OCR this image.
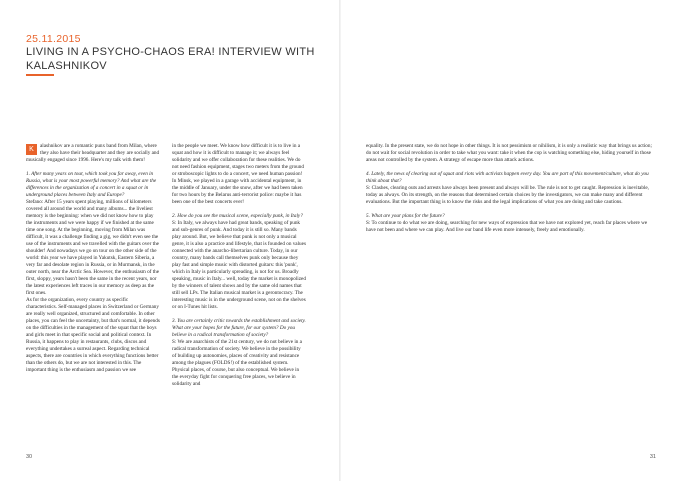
25.11.2015
LIVING IN A PSYCHO-CHAOS ERA! INTERVIEW WITH KALASHNIKOV

K	alashnikov are a romantic punx band from Milan, where they also have their headquarter and they are socially and musically engaged since 1996. Here's my talk with them!

1. After many years on tour, which took you far away, even in Russia, what is your most powerful memory? And what are the differences in the organization of a concert in a squat or in underground places between Italy and Europe?

Stefano: After 15 years spent playing, millions of kilometers covered all around the world and many albums... the liveliest memory is the beginning: when we did not know how to play the instruments and we were happy if we finished at the same time one song. At the beginning, moving from Milan was difficult, it was a challenge finding a gig, we didn't even see the use of the instruments and we travelled with the guitars over the shoulder! And nowadays we go on tour on the other side of the world: this year we have played in Yakutsk, Eastern Siberia, a very far and desolate region in Russia, or in Murmansk, in the outer north, near the Arctic Sea. However, the enthusiasm of the first, sloppy, years hasn't been the same in the recent years, nor the latest experiences left traces in our memory as deep as the first ones.

As for the organization, every country as specific characteristics. Self-managed places in Switzerland or Germany are really well organized, structured and comfortable. In other places, you can feel the uncertainty, but that's normal, it depends on the difficulties in the management of the squat that the boys and girls meet in that specific social and political context. In Russia, it happens to play in restaurants, clubs, discos and everything undertakes a surreal aspect. Regarding technical aspects, there are countries in which everything functions better than the others do, but we are not interested in this. The important thing is the enthusiasm and passion we see

in the people we meet. We know how difficult it is to live in a squat and how it is difficult to manage it; we always feel solidarity and we offer collaboration for these realities. We do not need fashion equipment, stages two meters from the ground or stroboscopic lights to do a concert, we need human passion! In Minsk, we played in a garage with accidental equipment, in the middle of January, under the snow, after we had been taken for two hours by the Belarus anti-terrorist police: maybe it has been one of the best concerts ever!

2. How do you see the musical scene, especially punk, in Italy?

S: In Italy, we always have had great bands, speaking of punk and sub-genres of punk. And today it is still so. Many bands play around. But, we believe that punk is not only a musical genre, it is also a practice and lifestyle, that is founded on values connected with the anarcho-libertarian culture. Today, in our country, many bands call themselves punk only because they play fast and simple music with distorted guitars: this 'punk', which in Italy is particularly spreading, is not for us. Broadly speaking, music in Italy... well, today the market is monopolized by the winners of talent shows and by the same old names that still sell LPs. The Italian musical market is a gerontocracy. The interesting music is in the underground scene, not on the shelves or on I-Tunes hit lists.

3. You are certainly critic towards the establishment and society. What are your hopes for the future, for our system? Do you believe in a radical transformation of society?

S: We are anarchists of the 21st century, we do not believe in a radical transformation of society. We believe in the possibility of building up autonomies, places of creativity and resistance among the plagues (FOLDS!) of the established system. Physical places, of course, but also conceptual. We believe in the everyday fight for conquering free places, we believe in solidarity and

30

equality. In the present state, we do not hope in other things. It is not pessimism or nihilism, it is only a realistic way that brings us action; do not wait for social revolution in order to take what you want: take it when the cop is watching something else, hiding yourself in those areas not controlled by the system. A strategy of escape more than attack actions.

4. Lately, the news of clearing out of squat and riots with activists happen every day. You are part of this movement/culture, what do you think about that?

S: Clashes, clearing outs and arrests have always been present and always will be. The rule is not to get caught. Repression is inevitable, today as always. On its strength, on the reasons that determined certain choices by the investigators, we can make many and different evaluations. But the important thing is to know the risks and the legal implications of what you are doing and take cautions.

5. What are your plans for the future?

S: To continue to do what we are doing, searching for new ways of expression that we have not explored yet, reach far places where we have not been and where we can play. And live our band life even more intensely, freely and emotionally.

31
